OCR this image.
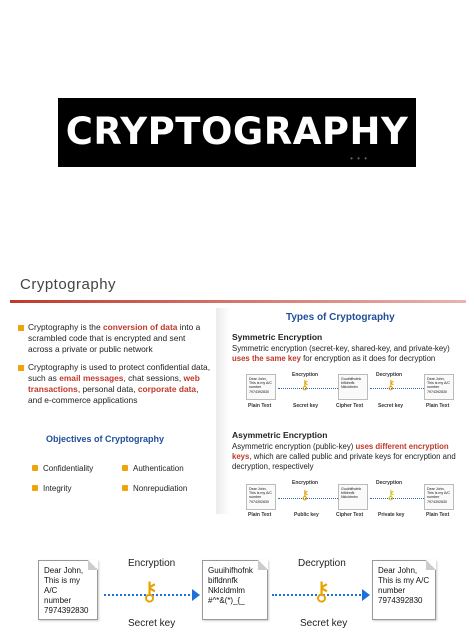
CRYPTOGRAPHY
• • •
Cryptography
Cryptography is the conversion of data into a scrambled code that is encrypted and sent across a private or public network
Cryptography is used to protect confidential data, such as email messages, chat sessions, web transactions, personal data, corporate data, and e-commerce applications
Objectives of Cryptography
Confidentiality	Authentication
Integrity	Nonrepudiation
Types of Cryptography
Symmetric Encryption
Symmetric encryption (secret-key, shared-key, and private-key) uses the same key for encryption as it does for decryption
Dear John, This is my A/C number 7974392830
Plain Text
Encryption
⚷
Secret key
Guuihifhofnk bifldnnfk Nklcldmlm
Cipher Text
Decryption
⚷
Secret key
Dear John, This is my A/C number 7974392830
Plain Text
Asymmetric Encryption
Asymmetric encryption (public-key) uses different encryption keys, which are called public and private keys for encryption and decryption, respectively
Dear John, This is my A/C number 7974392830
Plain Text
Encryption
⚷
Public key
Guuihifhofnk bifldnnfk Nklcldmlm
Cipher Text
Decryption
⚷
Private key
Dear John, This is my A/C number 7974392830
Plain Text
Dear John,
This is my A/C
number
7974392830
Encryption
⚷
Secret key
Guuihifhofnk
bifldnnfk
Nklcldmlm
#^*&(*)_{_
Decryption
⚷
Secret key
Dear John,
This is my A/C
number
7974392830
